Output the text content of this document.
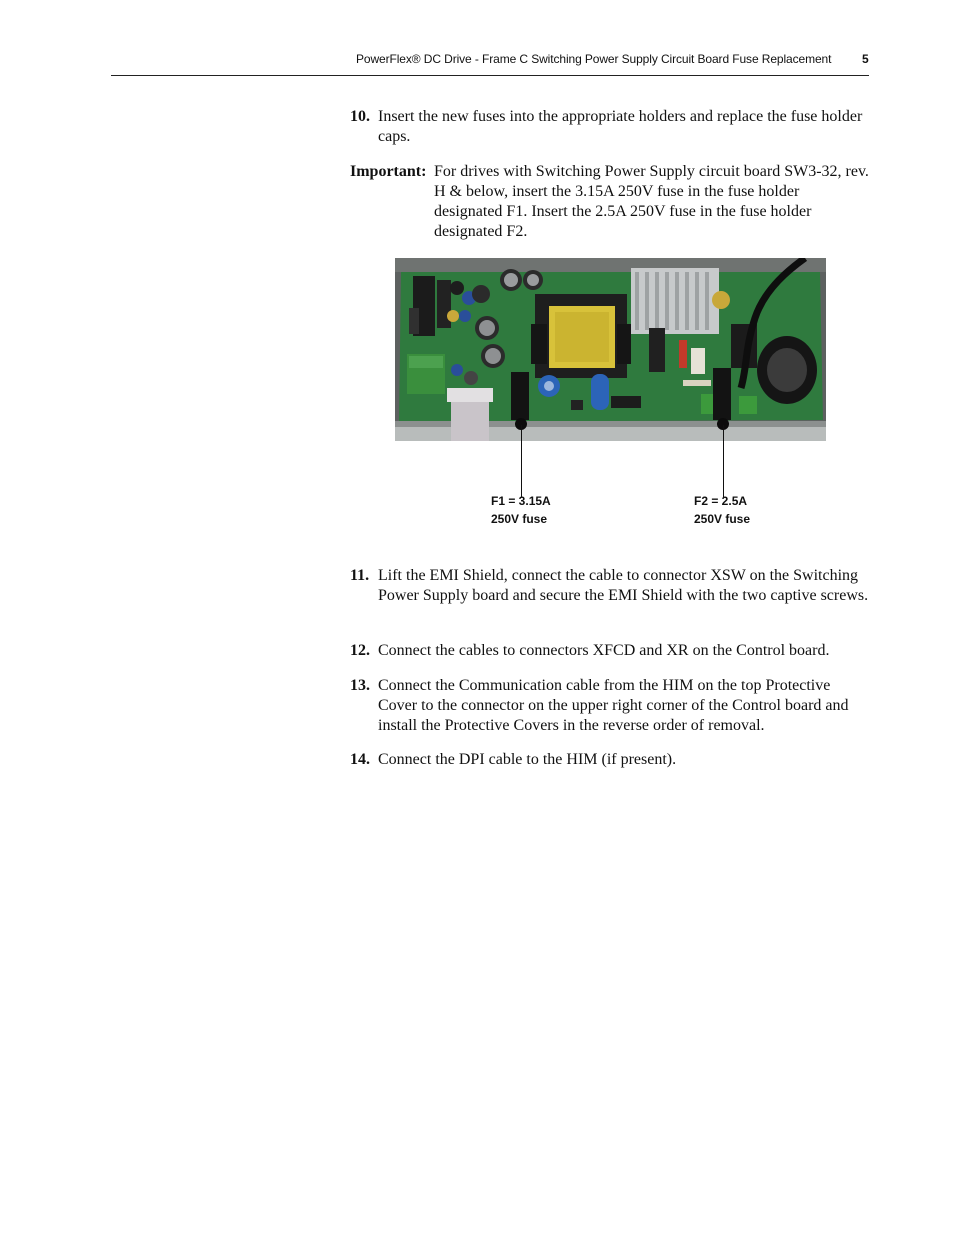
PowerFlex® DC Drive - Frame C Switching Power Supply Circuit Board Fuse Replacement	5
10. Insert the new fuses into the appropriate holders and replace the fuse holder caps.
Important: For drives with Switching Power Supply circuit board SW3-32, rev. H & below, insert the 3.15A 250V fuse in the fuse holder designated F1. Insert the 2.5A 250V fuse in the fuse holder designated F2.
F1 = 3.15A
250V fuse
F2 = 2.5A
250V fuse
11. Lift the EMI Shield, connect the cable to connector XSW on the Switching Power Supply board and secure the EMI Shield with the two captive screws.
12. Connect the cables to connectors XFCD and XR on the Control board.
13. Connect the Communication cable from the HIM on the top Protective Cover to the connector on the upper right corner of the Control board and install the Protective Covers in the reverse order of removal.
14. Connect the DPI cable to the HIM (if present).
